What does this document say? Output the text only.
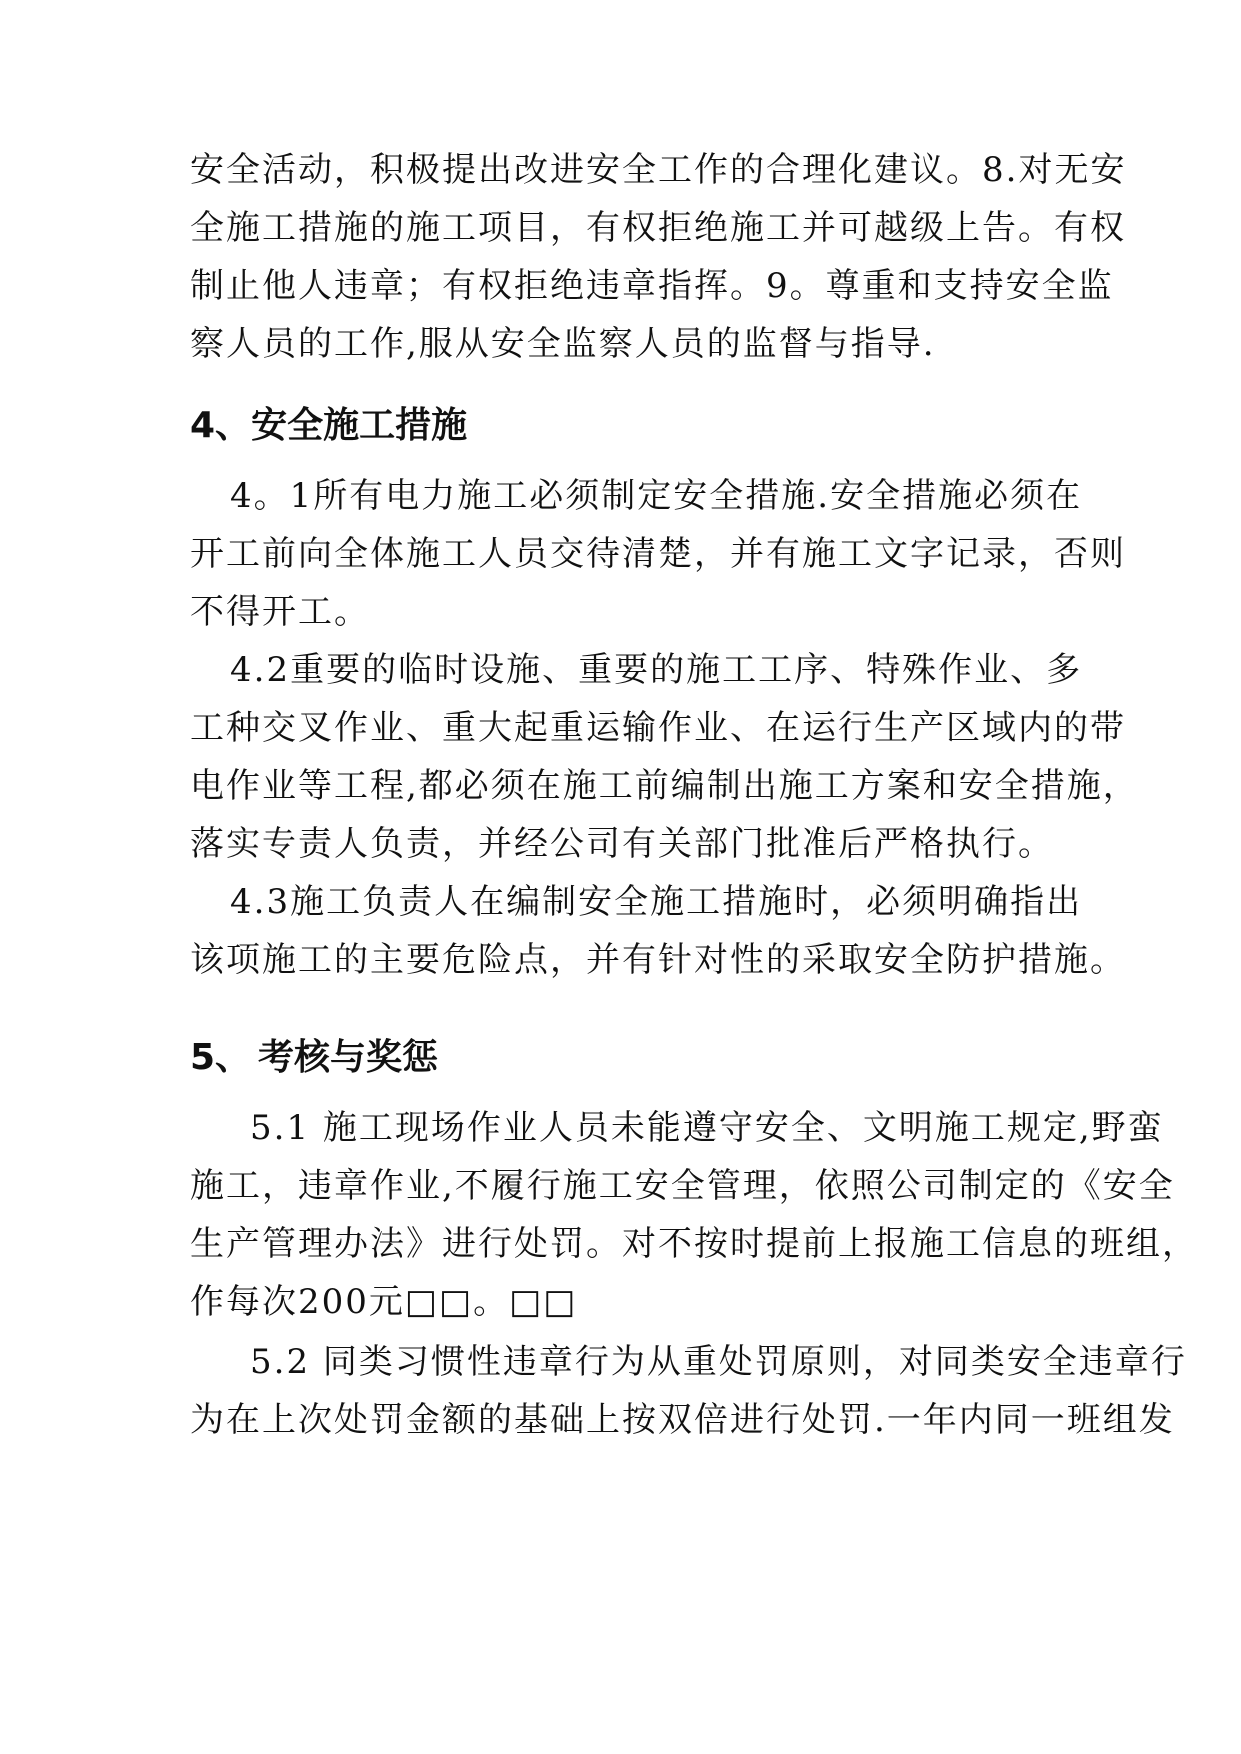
安全活动，积极提出改进安全工作的合理化建议。8.对无安
全施工措施的施工项目，有权拒绝施工并可越级上告。有权
制止他人违章；有权拒绝违章指挥。9。尊重和支持安全监
察人员的工作,服从安全监察人员的监督与指导.
4、安全施工措施
4。1所有电力施工必须制定安全措施.安全措施必须在
开工前向全体施工人员交待清楚，并有施工文字记录，否则
不得开工。
4.2重要的临时设施、重要的施工工序、特殊作业、多
工种交叉作业、重大起重运输作业、在运行生产区域内的带
电作业等工程,都必须在施工前编制出施工方案和安全措施，
落实专责人负责，并经公司有关部门批准后严格执行。
4.3施工负责人在编制安全施工措施时，必须明确指出
该项施工的主要危险点，并有针对性的采取安全防护措施。
5、 考核与奖惩
5.1 施工现场作业人员未能遵守安全、文明施工规定,野蛮
施工，违章作业,不履行施工安全管理，依照公司制定的《安全
生产管理办法》进行处罚。对不按时提前上报施工信息的班组，
作每次200元□□。□□
5.2 同类习惯性违章行为从重处罚原则，对同类安全违章行
为在上次处罚金额的基础上按双倍进行处罚.一年内同一班组发
